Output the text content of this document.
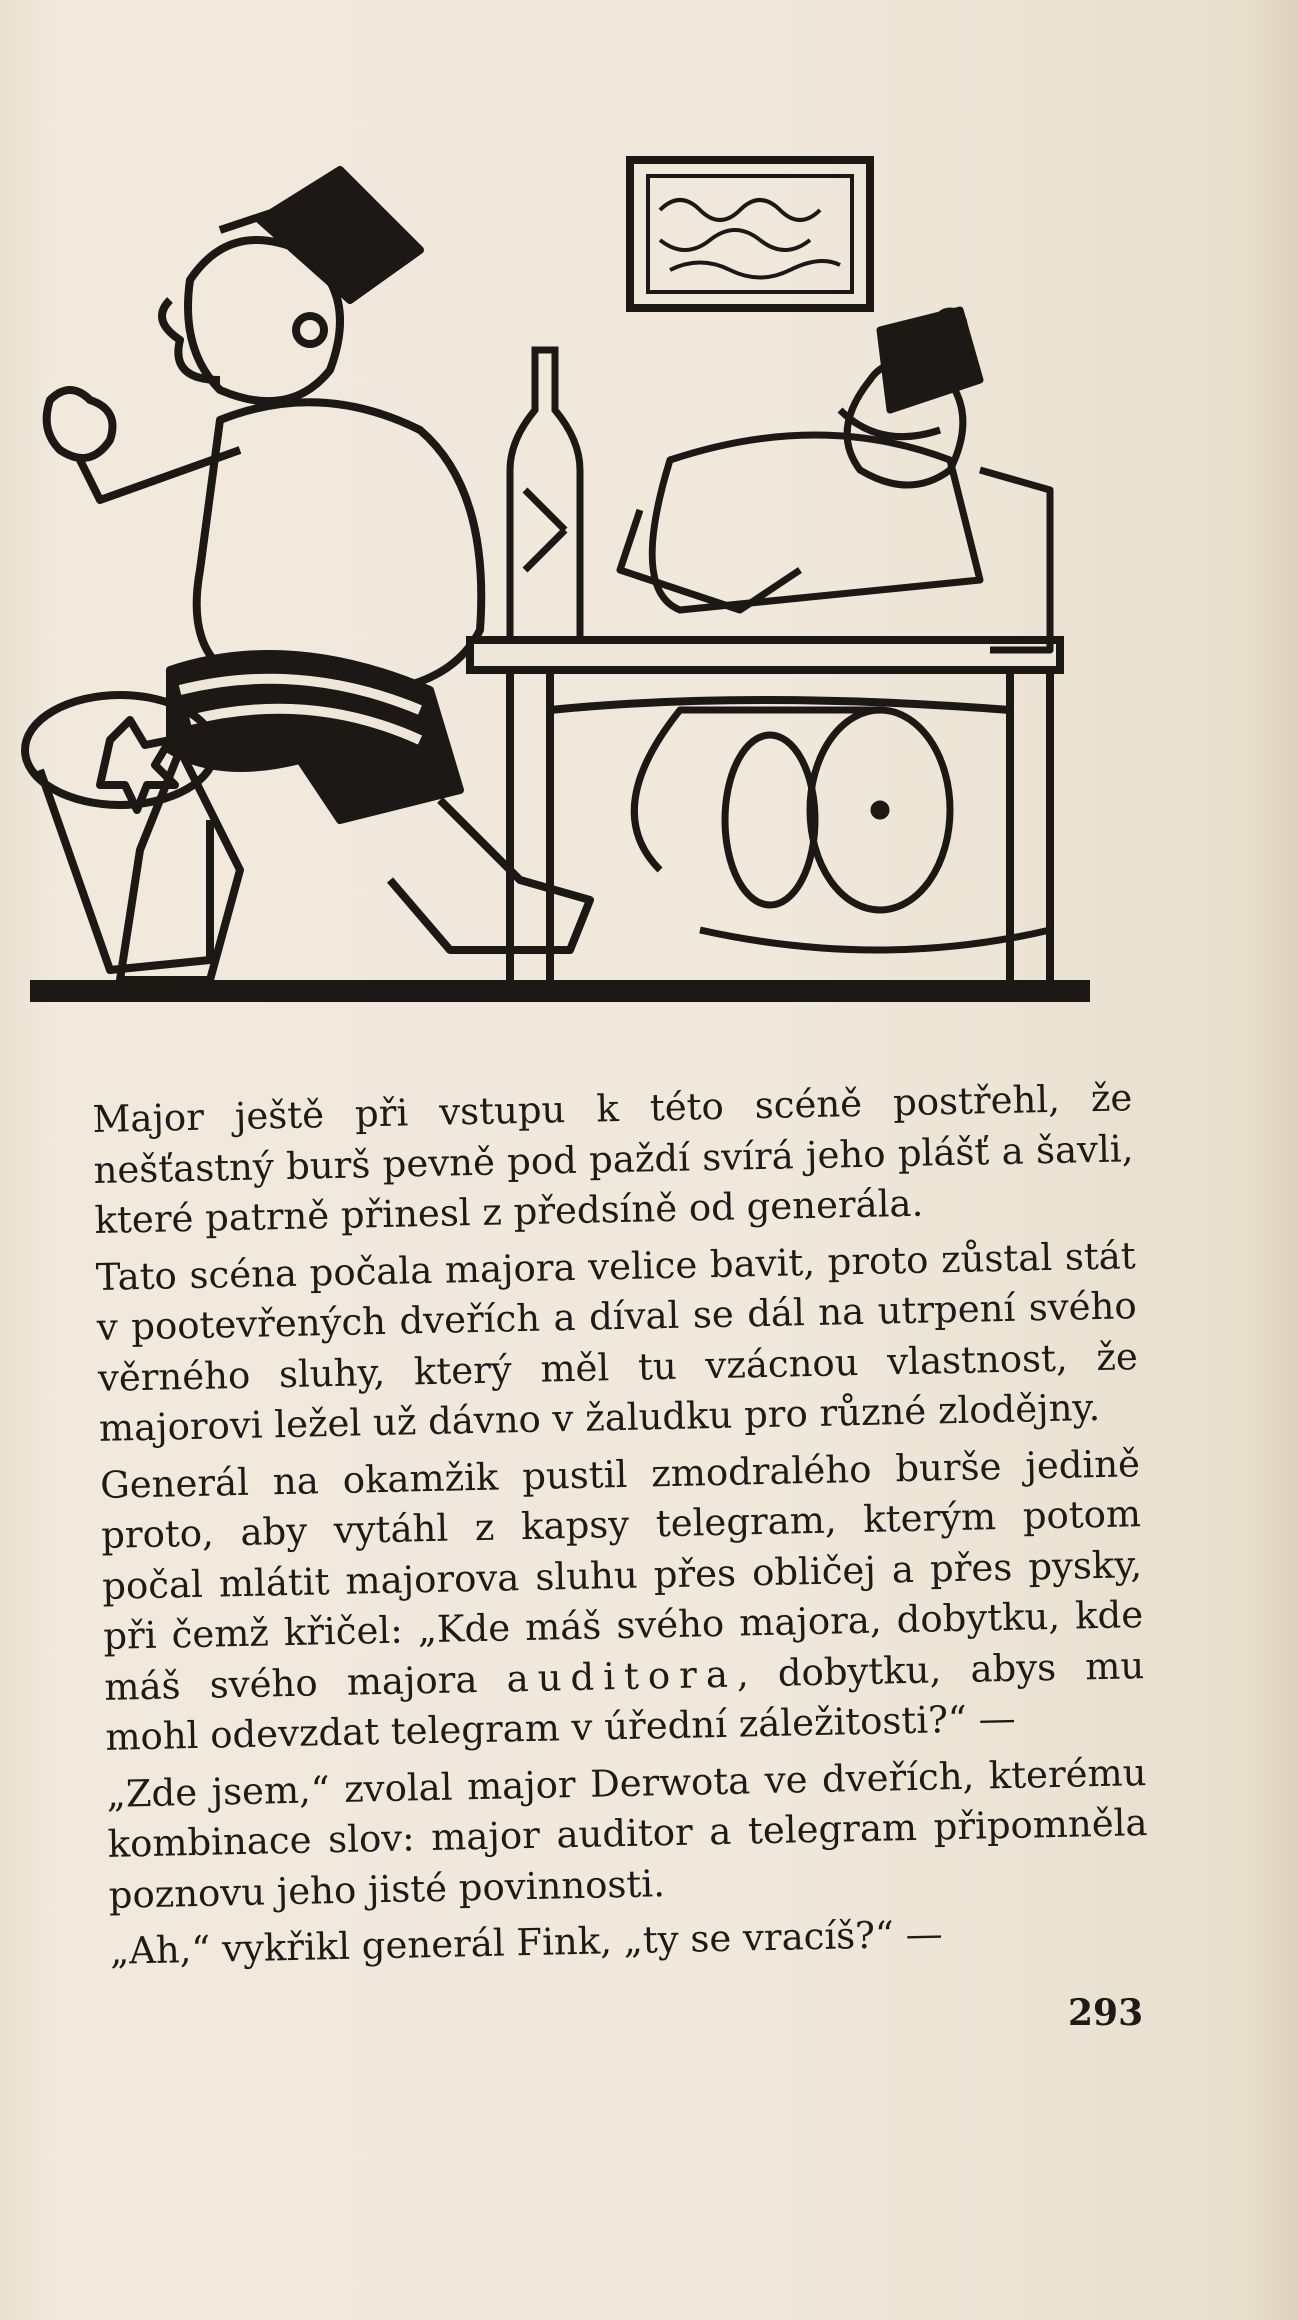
Major ještě při vstupu k této scéně postřehl, že nešťastný burš pevně pod paždí svírá jeho plášť a šavli, které patrně přinesl z předsíně od generála.

Tato scéna počala majora velice bavit, proto zůstal stát v pootevřených dveřích a díval se dál na utrpení svého věrného sluhy, který měl tu vzácnou vlastnost, že majorovi ležel už dávno v žaludku pro různé zlodějny.

Generál na okamžik pustil zmodralého burše jedině proto, aby vytáhl z kapsy telegram, kterým potom počal mlátit majorova sluhu přes obličej a přes pysky, při čemž křičel: „Kde máš svého majora, dobytku, kde máš svého majora auditora, dobytku, abys mu mohl odevzdat telegram v úřední záležitosti?“ —

„Zde jsem,“ zvolal major Derwota ve dveřích, kterému kombinace slov: major auditor a telegram připomněla poznovu jeho jisté povinnosti.

„Ah,“ vykřikl generál Fink, „ty se vracíš?“ —

293
